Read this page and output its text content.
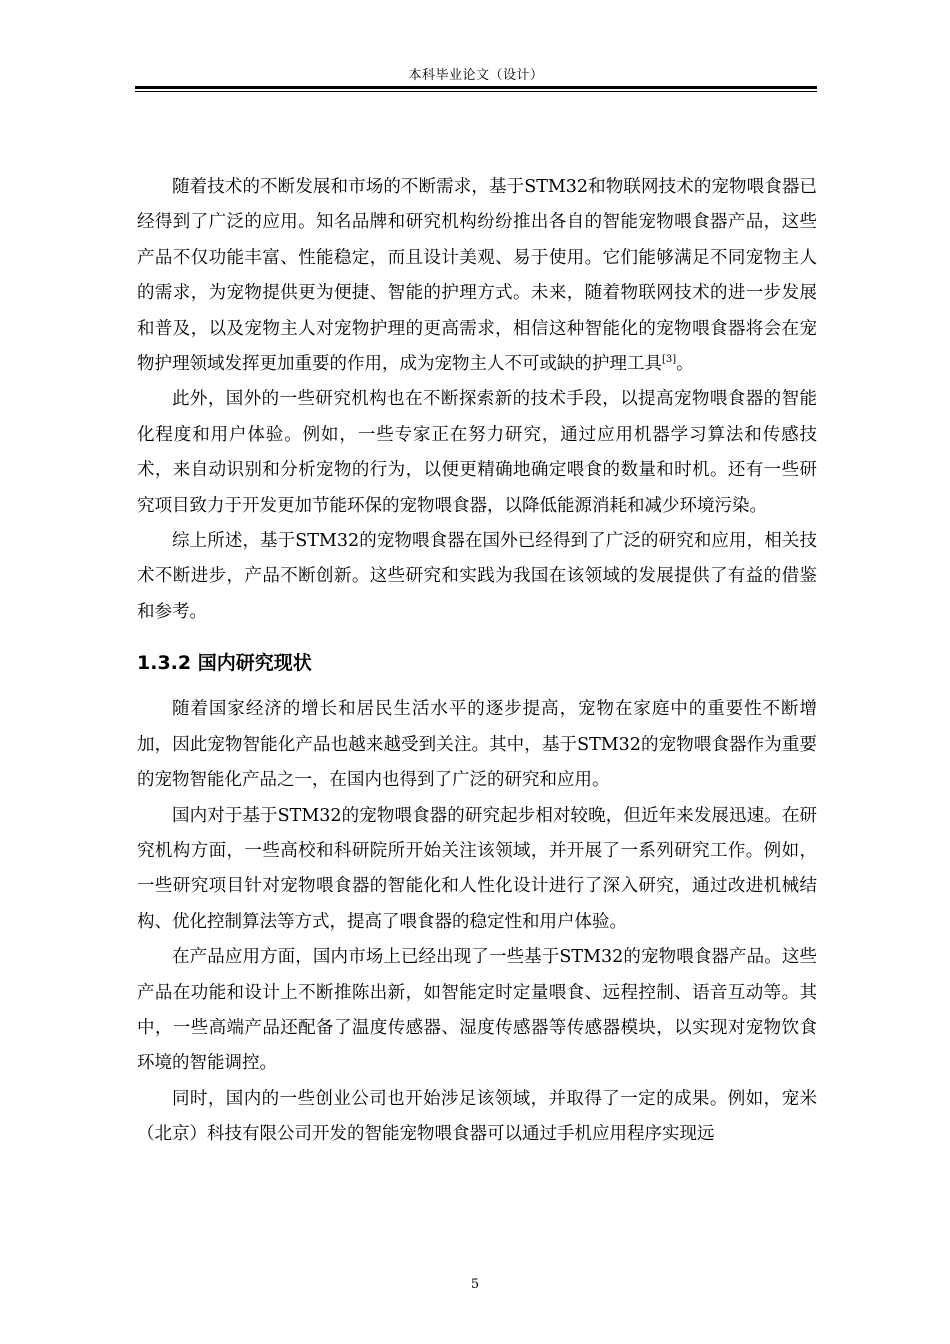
本科毕业论文（设计）

随着技术的不断发展和市场的不断需求，基于STM32和物联网技术的宠物喂食器已经得到了广泛的应用。知名品牌和研究机构纷纷推出各自的智能宠物喂食器产品，这些产品不仅功能丰富、性能稳定，而且设计美观、易于使用。它们能够满足不同宠物主人的需求，为宠物提供更为便捷、智能的护理方式。未来，随着物联网技术的进一步发展和普及，以及宠物主人对宠物护理的更高需求，相信这种智能化的宠物喂食器将会在宠物护理领域发挥更加重要的作用，成为宠物主人不可或缺的护理工具[3]。

此外，国外的一些研究机构也在不断探索新的技术手段，以提高宠物喂食器的智能化程度和用户体验。例如，一些专家正在努力研究，通过应用机器学习算法和传感技术，来自动识别和分析宠物的行为，以便更精确地确定喂食的数量和时机。还有一些研究项目致力于开发更加节能环保的宠物喂食器，以降低能源消耗和减少环境污染。

综上所述，基于STM32的宠物喂食器在国外已经得到了广泛的研究和应用，相关技术不断进步，产品不断创新。这些研究和实践为我国在该领域的发展提供了有益的借鉴和参考。

1.3.2 国内研究现状

随着国家经济的增长和居民生活水平的逐步提高，宠物在家庭中的重要性不断增加，因此宠物智能化产品也越来越受到关注。其中，基于STM32的宠物喂食器作为重要的宠物智能化产品之一，在国内也得到了广泛的研究和应用。

国内对于基于STM32的宠物喂食器的研究起步相对较晚，但近年来发展迅速。在研究机构方面，一些高校和科研院所开始关注该领域，并开展了一系列研究工作。例如，一些研究项目针对宠物喂食器的智能化和人性化设计进行了深入研究，通过改进机械结构、优化控制算法等方式，提高了喂食器的稳定性和用户体验。

在产品应用方面，国内市场上已经出现了一些基于STM32的宠物喂食器产品。这些产品在功能和设计上不断推陈出新，如智能定时定量喂食、远程控制、语音互动等。其中，一些高端产品还配备了温度传感器、湿度传感器等传感器模块，以实现对宠物饮食环境的智能调控。

同时，国内的一些创业公司也开始涉足该领域，并取得了一定的成果。例如，宠米（北京）科技有限公司开发的智能宠物喂食器可以通过手机应用程序实现远

5
